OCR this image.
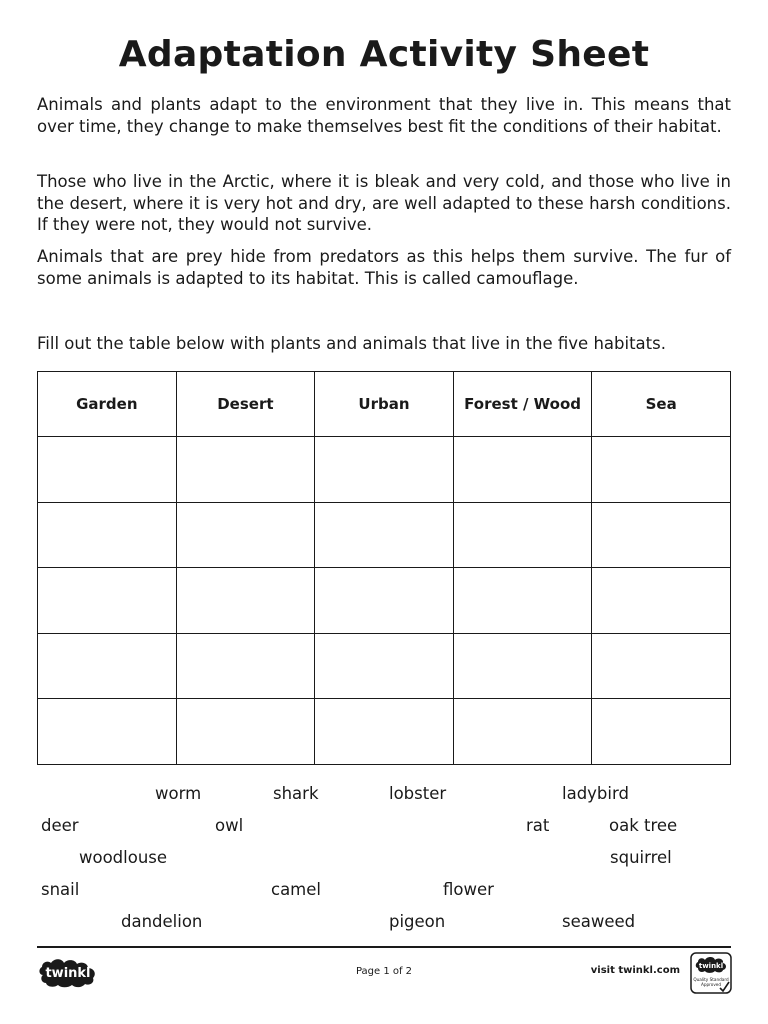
Adaptation Activity Sheet

Animals and plants adapt to the environment that they live in. This means that over time, they change to make themselves best fit the conditions of their habitat.

Those who live in the Arctic, where it is bleak and very cold, and those who live in the desert, where it is very hot and dry, are well adapted to these harsh conditions. If they were not, they would not survive.

Animals that are prey hide from predators as this helps them survive. The fur of some animals is adapted to its habitat. This is called camouflage.

Fill out the table below with plants and animals that live in the five habitats.

Garden	Desert	Urban	Forest / Wood	Sea

worm	shark	lobster	ladybird
deer	owl	rat	oak tree
woodlouse	squirrel
snail	camel	flower
dandelion	pigeon	seaweed
twinkl	Page 1 of 2	visit twinkl.com	twinkl
Quality Standard
Approved
